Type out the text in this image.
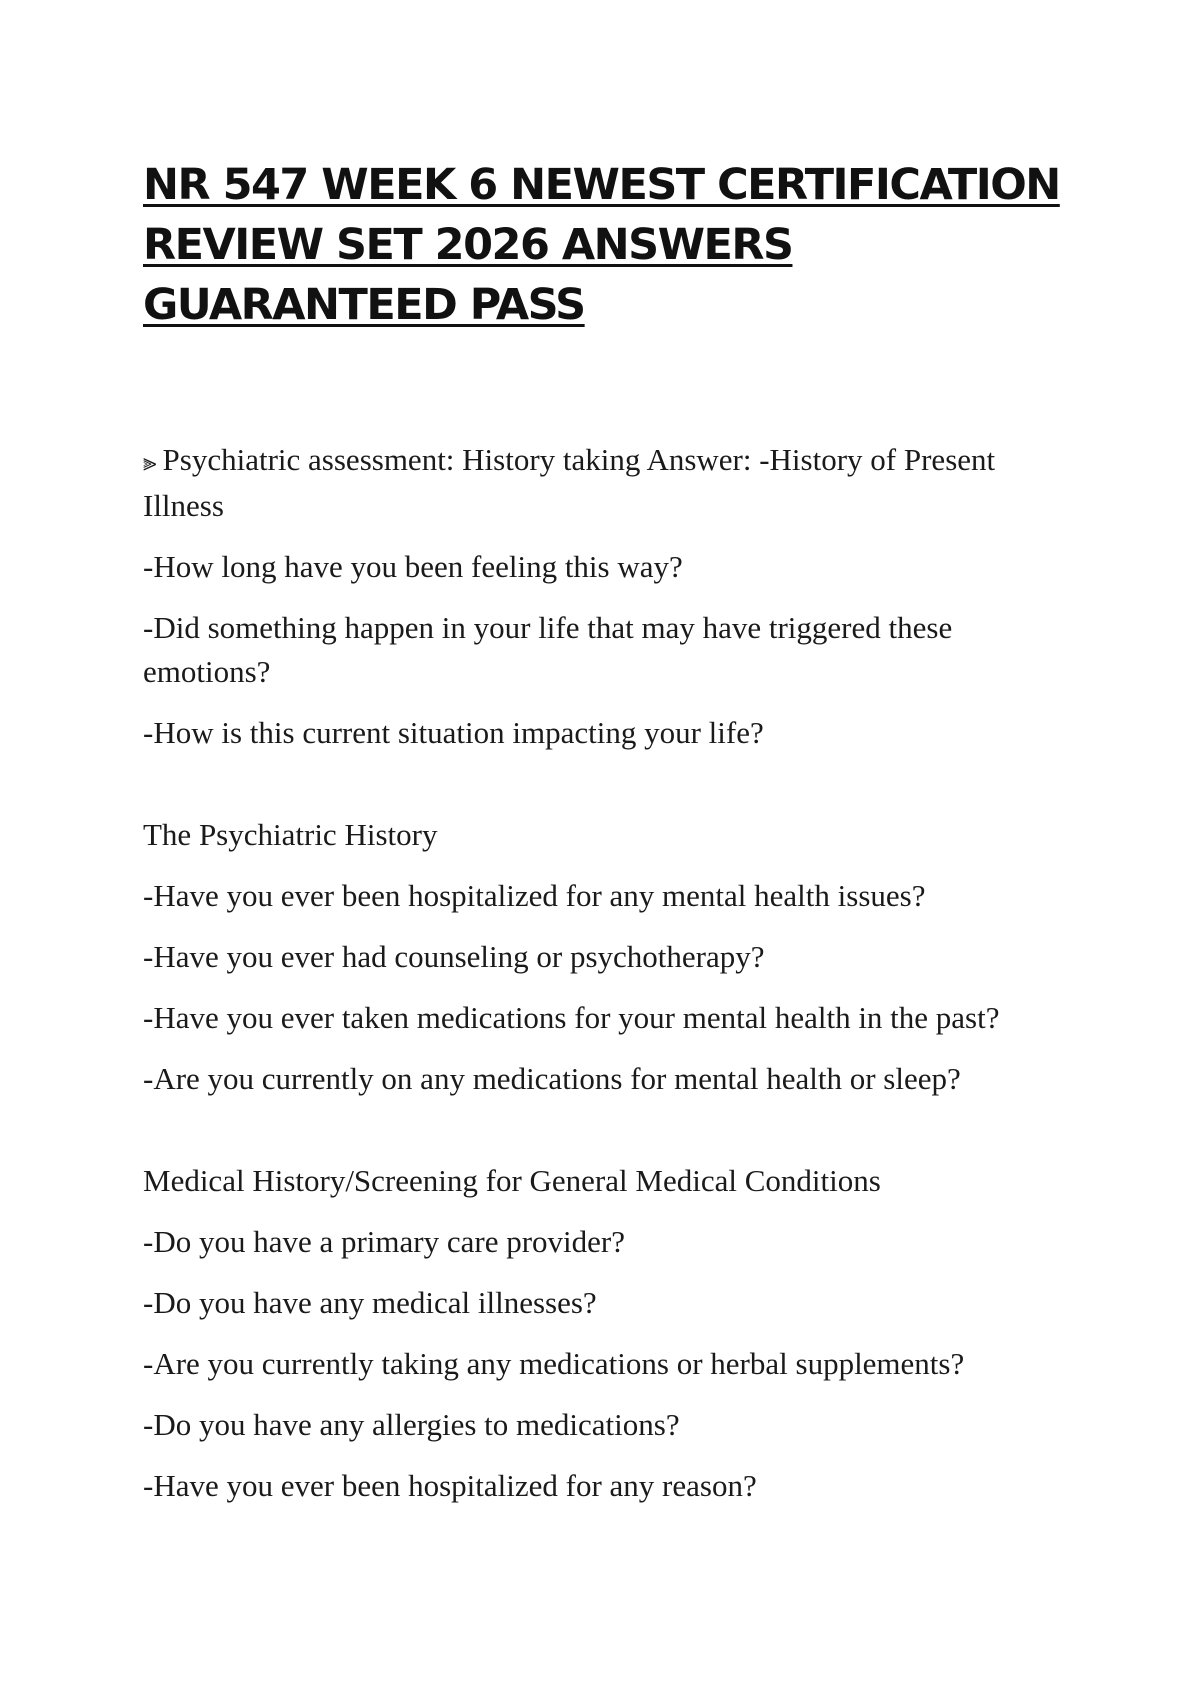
NR 547 WEEK 6 NEWEST CERTIFICATION REVIEW SET 2026 ANSWERS GUARANTEED PASS

⫸ Psychiatric assessment: History taking Answer: -History of Present Illness

-How long have you been feeling this way?

-Did something happen in your life that may have triggered these emotions?

-How is this current situation impacting your life?

The Psychiatric History

-Have you ever been hospitalized for any mental health issues?

-Have you ever had counseling or psychotherapy?

-Have you ever taken medications for your mental health in the past?

-Are you currently on any medications for mental health or sleep?

Medical History/Screening for General Medical Conditions

-Do you have a primary care provider?

-Do you have any medical illnesses?

-Are you currently taking any medications or herbal supplements?

-Do you have any allergies to medications?

-Have you ever been hospitalized for any reason?
